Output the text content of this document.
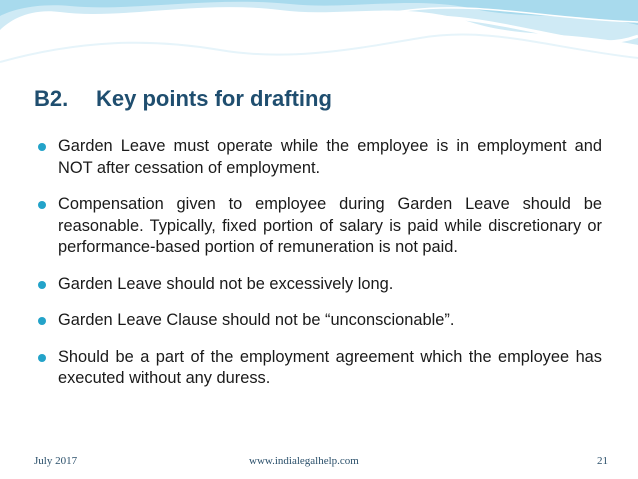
B2. Key points for drafting
Garden Leave must operate while the employee is in employment and NOT after cessation of employment.
Compensation given to employee during Garden Leave should be reasonable. Typically, fixed portion of salary is paid while discretionary or performance-based portion of remuneration is not paid.
Garden Leave should not be excessively long.
Garden Leave Clause should not be “unconscionable”.
Should be a part of the employment agreement which the employee has executed without any duress.
July 2017	www.indialegalhelp.com	21
